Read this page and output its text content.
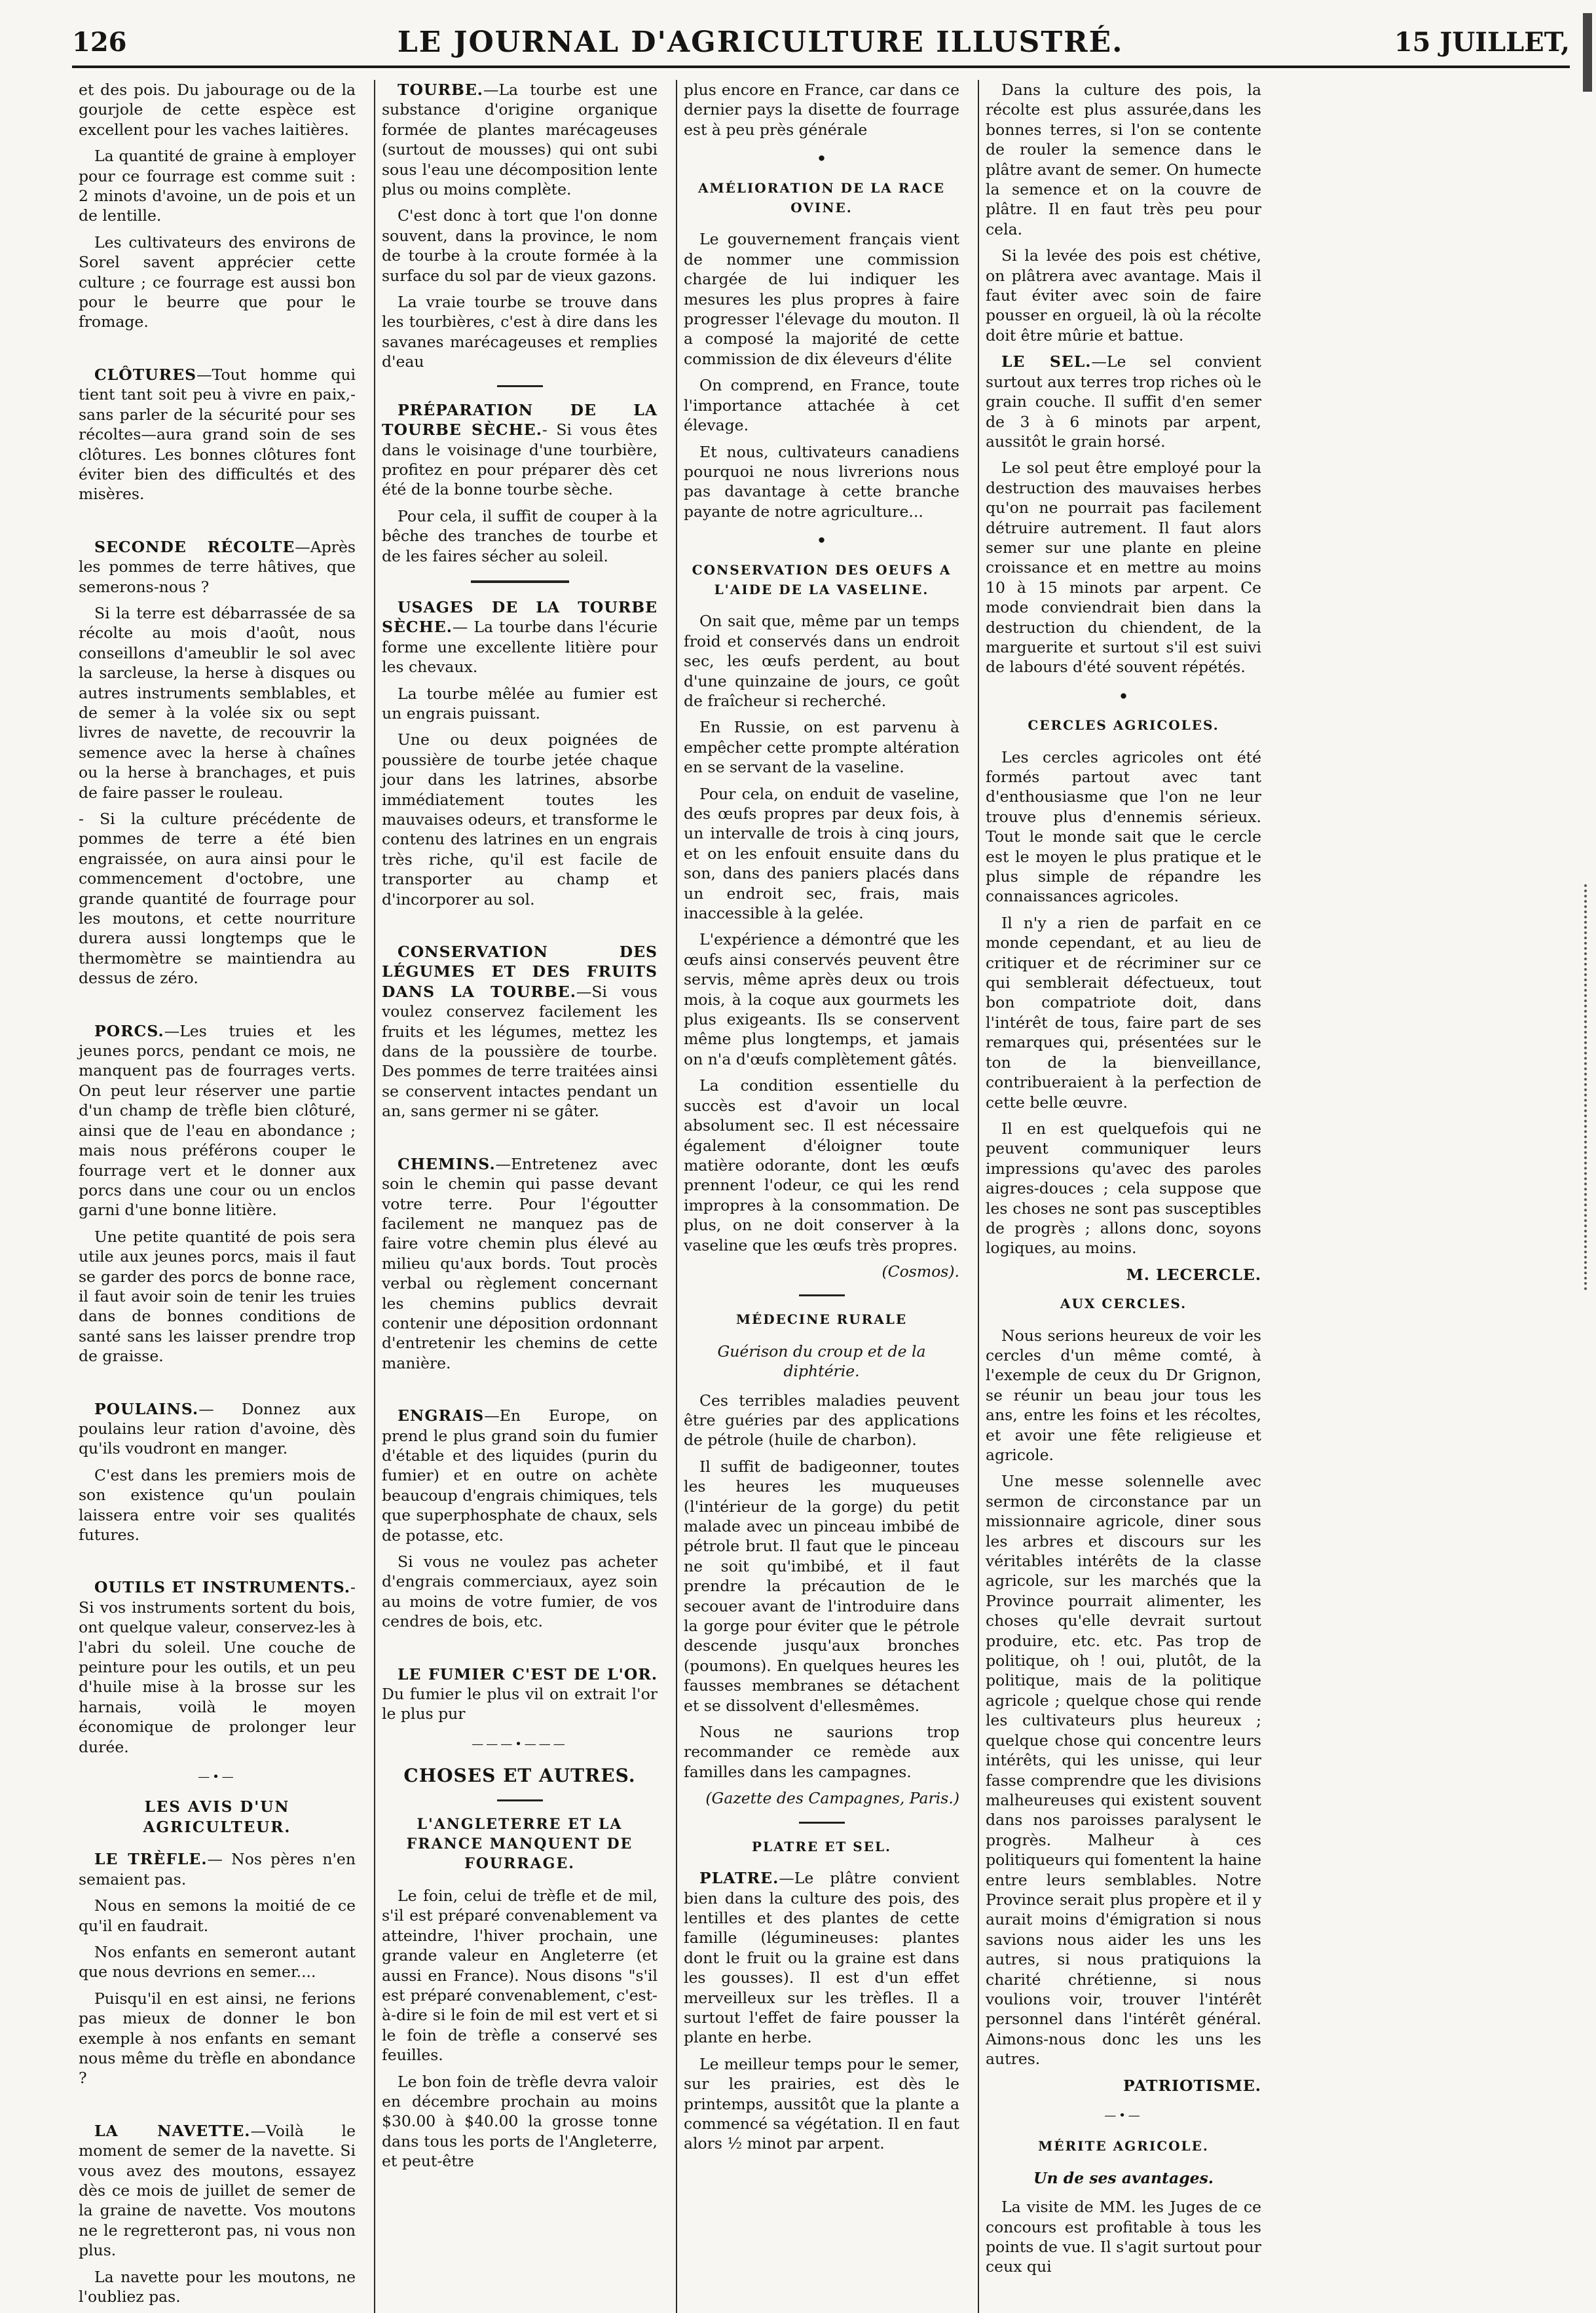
126	LE JOURNAL D'AGRICULTURE ILLUSTRÉ.	15 JUILLET,

et des pois. Du jabourage ou de la gourjole de cette espèce est excellent pour les vaches laitières.

La quantité de graine à employer pour ce fourrage est comme suit : 2 minots d'avoine, un de pois et un de lentille.

Les cultivateurs des environs de Sorel savent apprécier cette culture ; ce fourrage est aussi bon pour le beurre que pour le fromage.

CLÔTURES—Tout homme qui tient tant soit peu à vivre en paix,- sans parler de la sécurité pour ses récoltes—aura grand soin de ses clôtures. Les bonnes clôtures font éviter bien des difficultés et des misères.

SECONDE RÉCOLTE—Après les pommes de terre hâtives, que semerons-nous ?

Si la terre est débarrassée de sa récolte au mois d'août, nous conseillons d'ameublir le sol avec la sarcleuse, la herse à disques ou autres instruments semblables, et de semer à la volée six ou sept livres de navette, de recouvrir la semence avec la herse à chaînes ou la herse à branchages, et puis de faire passer le rouleau.

- Si la culture précédente de pommes de terre a été bien engraissée, on aura ainsi pour le commencement d'octobre, une grande quantité de fourrage pour les moutons, et cette nourriture durera aussi longtemps que le thermomètre se maintiendra au dessus de zéro.

PORCS.—Les truies et les jeunes porcs, pendant ce mois, ne manquent pas de fourrages verts. On peut leur réserver une partie d'un champ de trèfle bien clôturé, ainsi que de l'eau en abondance ; mais nous préférons couper le fourrage vert et le donner aux porcs dans une cour ou un enclos garni d'une bonne litière.

Une petite quantité de pois sera utile aux jeunes porcs, mais il faut se garder des porcs de bonne race, il faut avoir soin de tenir les truies dans de bonnes conditions de santé sans les laisser prendre trop de graisse.

POULAINS.— Donnez aux poulains leur ration d'avoine, dès qu'ils voudront en manger.

C'est dans les premiers mois de son existence qu'un poulain laissera entre voir ses qualités futures.

OUTILS ET INSTRUMENTS.- Si vos instruments sortent du bois, ont quelque valeur, conservez-les à l'abri du soleil. Une couche de peinture pour les outils, et un peu d'huile mise à la brosse sur les harnais, voilà le moyen économique de prolonger leur durée.

—•—
LES AVIS D'UN AGRICULTEUR.

LE TRÈFLE.— Nos pères n'en semaient pas.

Nous en semons la moitié de ce qu'il en faudrait.

Nos enfants en semeront autant que nous devrions en semer....

Puisqu'il en est ainsi, ne ferions pas mieux de donner le bon exemple à nos enfants en semant nous même du trèfle en abondance ?

LA NAVETTE.—Voilà le moment de semer de la navette. Si vous avez des moutons, essayez dès ce mois de juillet de semer de la graine de navette. Vos moutons ne le regretteront pas, ni vous non plus.

La navette pour les moutons, ne l'oubliez pas.

TOURBE.—La tourbe est une substance d'origine organique formée de plantes marécageuses (surtout de mousses) qui ont subi sous l'eau une décomposition lente plus ou moins complète.

C'est donc à tort que l'on donne souvent, dans la province, le nom de tourbe à la croute formée à la surface du sol par de vieux gazons.

La vraie tourbe se trouve dans les tourbières, c'est à dire dans les savanes marécageuses et remplies d'eau

PRÉPARATION DE LA TOURBE SÈCHE.- Si vous êtes dans le voisinage d'une tourbière, profitez en pour préparer dès cet été de la bonne tourbe sèche.

Pour cela, il suffit de couper à la bêche des tranches de tourbe et de les faires sécher au soleil.

USAGES DE LA TOURBE SÈCHE.— La tourbe dans l'écurie forme une excellente litière pour les chevaux.

La tourbe mêlée au fumier est un engrais puissant.

Une ou deux poignées de poussière de tourbe jetée chaque jour dans les latrines, absorbe immédiatement toutes les mauvaises odeurs, et transforme le contenu des latrines en un engrais très riche, qu'il est facile de transporter au champ et d'incorporer au sol.

CONSERVATION DES LÉGUMES ET DES FRUITS DANS LA TOURBE.—Si vous voulez conservez facilement les fruits et les légumes, mettez les dans de la poussière de tourbe. Des pommes de terre traitées ainsi se conservent intactes pendant un an, sans germer ni se gâter.

CHEMINS.—Entretenez avec soin le chemin qui passe devant votre terre. Pour l'égoutter facilement ne manquez pas de faire votre chemin plus élevé au milieu qu'aux bords. Tout procès verbal ou règlement concernant les chemins publics devrait contenir une déposition ordonnant d'entretenir les chemins de cette manière.

ENGRAIS—En Europe, on prend le plus grand soin du fumier d'étable et des liquides (purin du fumier) et en outre on achète beaucoup d'engrais chimiques, tels que superphosphate de chaux, sels de potasse, etc.

Si vous ne voulez pas acheter d'engrais commerciaux, ayez soin au moins de votre fumier, de vos cendres de bois, etc.

LE FUMIER C'EST DE L'OR. Du fumier le plus vil on extrait l'or le plus pur

———•———
CHOSES ET AUTRES.
L'ANGLETERRE ET LA FRANCE MANQUENT DE FOURRAGE.

Le foin, celui de trèfle et de mil, s'il est préparé convenablement va atteindre, l'hiver prochain, une grande valeur en Angleterre (et aussi en France). Nous disons "s'il est préparé convenablement, c'est-à-dire si le foin de mil est vert et si le foin de trèfle a conservé ses feuilles.

Le bon foin de trèfle devra valoir en décembre prochain au moins $30.00 à $40.00 la grosse tonne dans tous les ports de l'Angleterre, et peut-être

plus encore en France, car dans ce dernier pays la disette de fourrage est à peu près générale

•
AMÉLIORATION DE LA RACE OVINE.

Le gouvernement français vient de nommer une commission chargée de lui indiquer les mesures les plus propres à faire progresser l'élevage du mouton. Il a composé la majorité de cette commission de dix éleveurs d'élite

On comprend, en France, toute l'importance attachée à cet élevage.

Et nous, cultivateurs canadiens pourquoi ne nous livrerions nous pas davantage à cette branche payante de notre agriculture...

•
CONSERVATION DES OEUFS A L'AIDE DE LA VASELINE.

On sait que, même par un temps froid et conservés dans un endroit sec, les œufs perdent, au bout d'une quinzaine de jours, ce goût de fraîcheur si recherché.

En Russie, on est parvenu à empêcher cette prompte altération en se servant de la vaseline.

Pour cela, on enduit de vaseline, des œufs propres par deux fois, à un intervalle de trois à cinq jours, et on les enfouit ensuite dans du son, dans des paniers placés dans un endroit sec, frais, mais inaccessible à la gelée.

L'expérience a démontré que les œufs ainsi conservés peuvent être servis, même après deux ou trois mois, à la coque aux gourmets les plus exigeants. Ils se conservent même plus longtemps, et jamais on n'a d'œufs complètement gâtés.

La condition essentielle du succès est d'avoir un local absolument sec. Il est nécessaire également d'éloigner toute matière odorante, dont les œufs prennent l'odeur, ce qui les rend impropres à la consommation. De plus, on ne doit conserver à la vaseline que les œufs très propres.

(Cosmos).
MÉDECINE RURALE
Guérison du croup et de la diphtérie.

Ces terribles maladies peuvent être guéries par des applications de pétrole (huile de charbon).

Il suffit de badigeonner, toutes les heures les muqueuses (l'intérieur de la gorge) du petit malade avec un pinceau imbibé de pétrole brut. Il faut que le pinceau ne soit qu'imbibé, et il faut prendre la précaution de le secouer avant de l'introduire dans la gorge pour éviter que le pétrole descende jusqu'aux bronches (poumons). En quelques heures les fausses membranes se détachent et se dissolvent d'ellesmêmes.

Nous ne saurions trop recommander ce remède aux familles dans les campagnes.

(Gazette des Campagnes, Paris.)
PLATRE ET SEL.

PLATRE.—Le plâtre convient bien dans la culture des pois, des lentilles et des plantes de cette famille (légumineuses: plantes dont le fruit ou la graine est dans les gousses). Il est d'un effet merveilleux sur les trèfles. Il a surtout l'effet de faire pousser la plante en herbe.

Le meilleur temps pour le semer, sur les prairies, est dès le printemps, aussitôt que la plante a commencé sa végétation. Il en faut alors ½ minot par arpent.

Dans la culture des pois, la récolte est plus assurée,dans les bonnes terres, si l'on se contente de rouler la semence dans le plâtre avant de semer. On humecte la semence et on la couvre de plâtre. Il en faut très peu pour cela.

Si la levée des pois est chétive, on plâtrera avec avantage. Mais il faut éviter avec soin de faire pousser en orgueil, là où la récolte doit être mûrie et battue.

LE SEL.—Le sel convient surtout aux terres trop riches où le grain couche. Il suffit d'en semer de 3 à 6 minots par arpent, aussitôt le grain horsé.

Le sol peut être employé pour la destruction des mauvaises herbes qu'on ne pourrait pas facilement détruire autrement. Il faut alors semer sur une plante en pleine croissance et en mettre au moins 10 à 15 minots par arpent. Ce mode conviendrait bien dans la destruction du chiendent, de la marguerite et surtout s'il est suivi de labours d'été souvent répétés.

•
CERCLES AGRICOLES.

Les cercles agricoles ont été formés partout avec tant d'enthousiasme que l'on ne leur trouve plus d'ennemis sérieux. Tout le monde sait que le cercle est le moyen le plus pratique et le plus simple de répandre les connaissances agricoles.

Il n'y a rien de parfait en ce monde cependant, et au lieu de critiquer et de récriminer sur ce qui semblerait défectueux, tout bon compatriote doit, dans l'intérêt de tous, faire part de ses remarques qui, présentées sur le ton de la bienveillance, contribueraient à la perfection de cette belle œuvre.

Il en est quelquefois qui ne peuvent communiquer leurs impressions qu'avec des paroles aigres-douces ; cela suppose que les choses ne sont pas susceptibles de progrès ; allons donc, soyons logiques, au moins.

M. LECERCLE.
AUX CERCLES.

Nous serions heureux de voir les cercles d'un même comté, à l'exemple de ceux du Dr Grignon, se réunir un beau jour tous les ans, entre les foins et les récoltes, et avoir une fête religieuse et agricole.

Une messe solennelle avec sermon de circonstance par un missionnaire agricole, diner sous les arbres et discours sur les véritables intérêts de la classe agricole, sur les marchés que la Province pourrait alimenter, les choses qu'elle devrait surtout produire, etc. etc. Pas trop de politique, oh ! oui, plutôt, de la politique, mais de la politique agricole ; quelque chose qui rende les cultivateurs plus heureux ; quelque chose qui concentre leurs intérêts, qui les unisse, qui leur fasse comprendre que les divisions malheureuses qui existent souvent dans nos paroisses paralysent le progrès. Malheur à ces politiqueurs qui fomentent la haine entre leurs semblables. Notre Province serait plus propère et il y aurait moins d'émigration si nous savions nous aider les uns les autres, si nous pratiquions la charité chrétienne, si nous voulions voir, trouver l'intérêt personnel dans l'intérêt général. Aimons-nous donc les uns les autres.

PATRIOTISME.
—•—
MÉRITE AGRICOLE.
Un de ses avantages.

La visite de MM. les Juges de ce concours est profitable à tous les points de vue. Il s'agit surtout pour ceux qui
